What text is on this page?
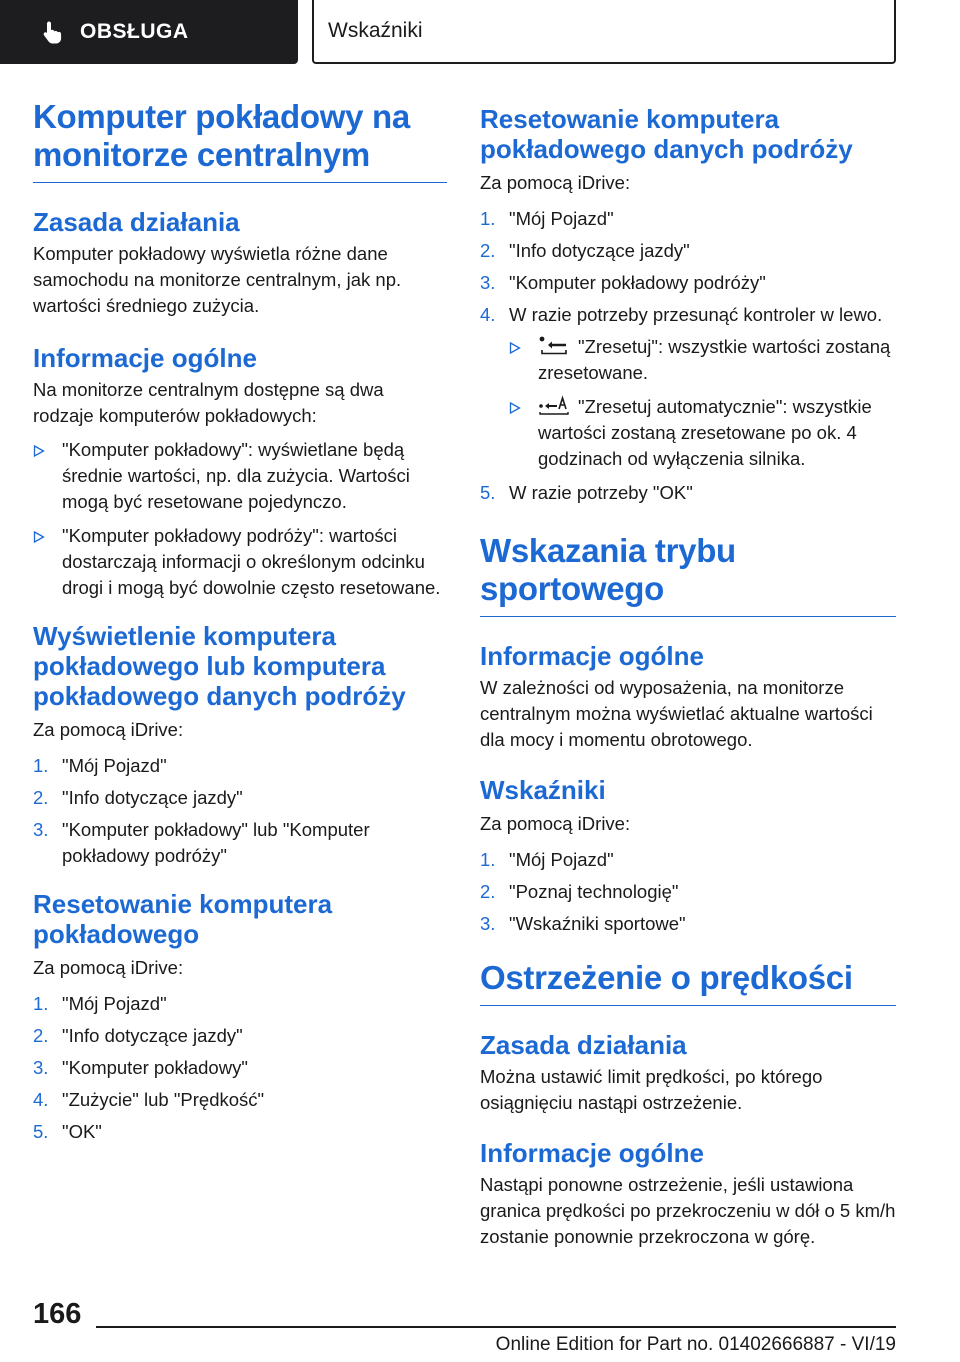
OBSŁUGA	Wskaźniki
Komputer pokładowy na monitorze centralnym
Zasada działania

Komputer pokładowy wyświetla różne dane samochodu na monitorze centralnym, jak np. wartości średniego zużycia.

Informacje ogólne

Na monitorze centralnym dostępne są dwa rodzaje komputerów pokładowych:

"Komputer pokładowy": wyświetlane będą średnie wartości, np. dla zużycia. Wartości mogą być resetowane pojedynczo.
"Komputer pokładowy podróży": wartości dostarczają informacji o określonym odcinku drogi i mogą być dowolnie często resetowane.
Wyświetlenie komputera pokładowego lub komputera pokładowego danych podróży

Za pomocą iDrive:

1. "Mój Pojazd"
2. "Info dotyczące jazdy"
3. "Komputer pokładowy" lub "Komputer pokładowy podróży"
Resetowanie komputera pokładowego

Za pomocą iDrive:

1. "Mój Pojazd"
2. "Info dotyczące jazdy"
3. "Komputer pokładowy"
4. "Zużycie" lub "Prędkość"
5. "OK"
Resetowanie komputera pokładowego danych podróży

Za pomocą iDrive:

1. "Mój Pojazd"
2. "Info dotyczące jazdy"
3. "Komputer pokładowy podróży"
4. W razie potrzeby przesunąć kontroler w lewo.
"Zresetuj": wszystkie wartości zostaną zresetowane.
"Zresetuj automatycznie": wszystkie wartości zostaną zresetowane po ok. 4 godzinach od wyłączenia silnika.
5. W razie potrzeby "OK"
Wskazania trybu sportowego
Informacje ogólne

W zależności od wyposażenia, na monitorze centralnym można wyświetlać aktualne wartości dla mocy i momentu obrotowego.

Wskaźniki

Za pomocą iDrive:

1. "Mój Pojazd"
2. "Poznaj technologię"
3. "Wskaźniki sportowe"
Ostrzeżenie o prędkości
Zasada działania

Można ustawić limit prędkości, po którego osiągnięciu nastąpi ostrzeżenie.

Informacje ogólne

Nastąpi ponowne ostrzeżenie, jeśli ustawiona granica prędkości po przekroczeniu w dół o 5 km/h zostanie ponownie przekroczona w górę.

166
Online Edition for Part no. 01402666887 - VI/19
